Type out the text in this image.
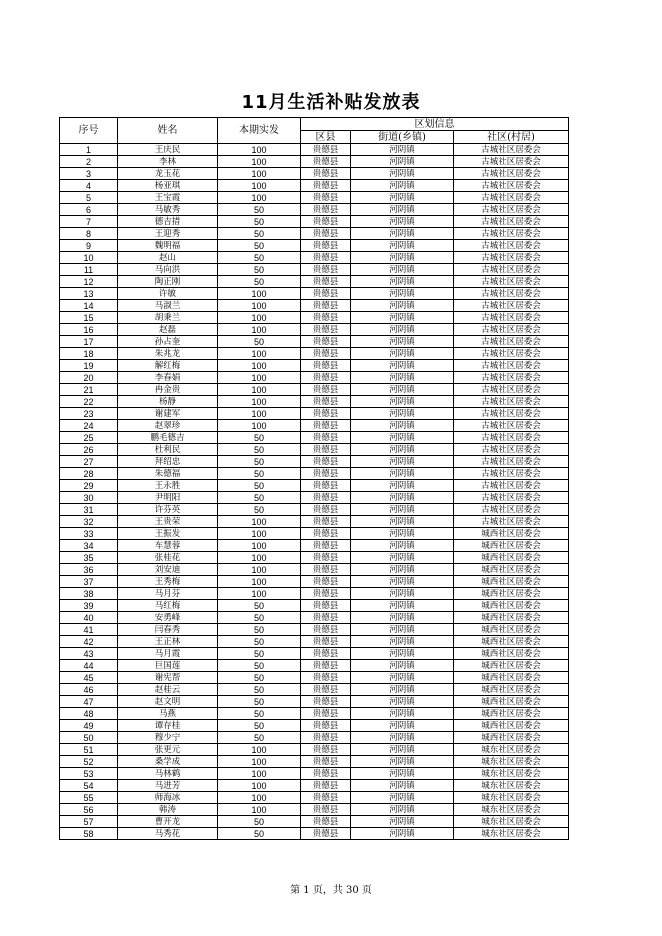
11月生活补贴发放表
序号	姓名	本期实发	区划信息		
			区县	街道(乡镇)	社区(村居)
1	王庆民	100	贵德县	河阴镇	古城社区居委会
2	李林	100	贵德县	河阴镇	古城社区居委会
3	龙玉花	100	贵德县	河阴镇	古城社区居委会
4	杨亚琪	100	贵德县	河阴镇	古城社区居委会
5	王宝霞	100	贵德县	河阴镇	古城社区居委会
6	马敏秀	50	贵德县	河阴镇	古城社区居委会
7	德吉措	50	贵德县	河阴镇	古城社区居委会
8	王迎秀	50	贵德县	河阴镇	古城社区居委会
9	魏明福	50	贵德县	河阴镇	古城社区居委会
10	赵山	50	贵德县	河阴镇	古城社区居委会
11	马向洪	50	贵德县	河阴镇	古城社区居委会
12	陶正刚	50	贵德县	河阴镇	古城社区居委会
13	许敏	100	贵德县	河阴镇	古城社区居委会
14	马淑兰	100	贵德县	河阴镇	古城社区居委会
15	胡秉兰	100	贵德县	河阴镇	古城社区居委会
16	赵磊	100	贵德县	河阴镇	古城社区居委会
17	孙占奎	50	贵德县	河阴镇	古城社区居委会
18	朱兆龙	100	贵德县	河阴镇	古城社区居委会
19	解红梅	100	贵德县	河阴镇	古城社区居委会
20	李春娟	100	贵德县	河阴镇	古城社区居委会
21	冉金贵	100	贵德县	河阴镇	古城社区居委会
22	杨静	100	贵德县	河阴镇	古城社区居委会
23	谢建军	100	贵德县	河阴镇	古城社区居委会
24	赵翠珍	100	贵德县	河阴镇	古城社区居委会
25	鹏毛德吉	50	贵德县	河阴镇	古城社区居委会
26	杜利民	50	贵德县	河阴镇	古城社区居委会
27	拜绍忠	50	贵德县	河阴镇	古城社区居委会
28	朱德福	50	贵德县	河阴镇	古城社区居委会
29	王永胜	50	贵德县	河阴镇	古城社区居委会
30	尹明阳	50	贵德县	河阴镇	古城社区居委会
31	许芬英	50	贵德县	河阴镇	古城社区居委会
32	王贵荣	100	贵德县	河阴镇	古城社区居委会
33	王振发	100	贵德县	河阴镇	城西社区居委会
34	车慧蓉	100	贵德县	河阴镇	城西社区居委会
35	张桂花	100	贵德县	河阴镇	城西社区居委会
36	刘安迪	100	贵德县	河阴镇	城西社区居委会
37	王秀梅	100	贵德县	河阴镇	城西社区居委会
38	马月芬	100	贵德县	河阴镇	城西社区居委会
39	马红梅	50	贵德县	河阴镇	城西社区居委会
40	安勇峰	50	贵德县	河阴镇	城西社区居委会
41	闫春秀	50	贵德县	河阴镇	城西社区居委会
42	王正林	50	贵德县	河阴镇	城西社区居委会
43	马月霞	50	贵德县	河阴镇	城西社区居委会
44	巨国莲	50	贵德县	河阴镇	城西社区居委会
45	谢宪帮	50	贵德县	河阴镇	城西社区居委会
46	赵桂云	50	贵德县	河阴镇	城西社区居委会
47	赵文明	50	贵德县	河阴镇	城西社区居委会
48	马燕	50	贵德县	河阴镇	城西社区居委会
49	谭存桂	50	贵德县	河阴镇	城西社区居委会
50	穆少宁	50	贵德县	河阴镇	城西社区居委会
51	张更元	100	贵德县	河阴镇	城东社区居委会
52	桑学成	100	贵德县	河阴镇	城东社区居委会
53	马林鹤	100	贵德县	河阴镇	城东社区居委会
54	马进芳	100	贵德县	河阴镇	城东社区居委会
55	师海冰	100	贵德县	河阴镇	城东社区居委会
56	韩涛	100	贵德县	河阴镇	城东社区居委会
57	曹开龙	50	贵德县	河阴镇	城东社区居委会
58	马秀花	50	贵德县	河阴镇	城东社区居委会
第 1 页，共 30 页
